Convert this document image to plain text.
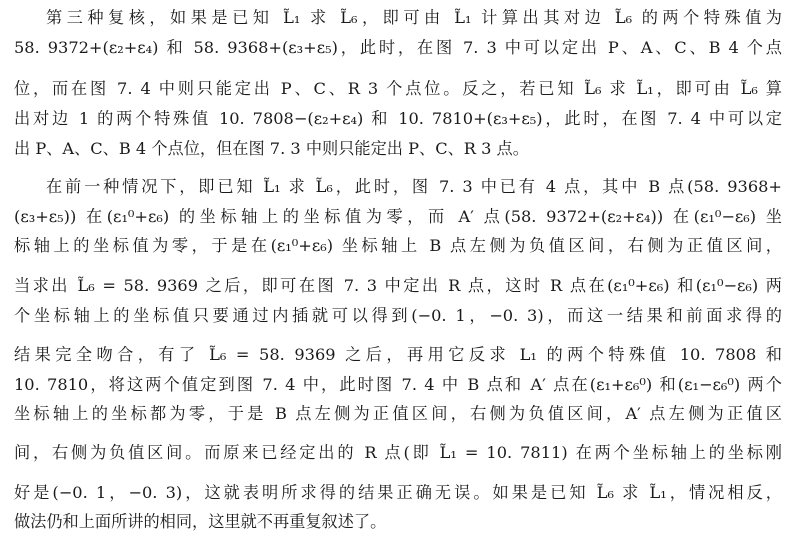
第三种复核，如果是已知 L̃₁ 求 L̃₆，即可由 L̃₁ 计算出其对边 L̃₆ 的两个特殊值为
58. 9372+(ε₂+ε₄) 和 58. 9368+(ε₃+ε₅)，此时，在图 7. 3 中可以定出 P、A、C、B 4 个点
位，而在图 7. 4 中则只能定出 P、C、R 3 个点位。反之，若已知 L̃₆ 求 L̃₁，即可由 L̃₆ 算
出对边 1 的两个特殊值 10. 7808−(ε₂+ε₄) 和 10. 7810+(ε₃+ε₅)，此时，在图 7. 4 中可以定
出 P、A、C、B 4 个点位，但在图 7. 3 中则只能定出 P、C、R 3 点。
在前一种情况下，即已知 L̃₁ 求 L̃₆，此时，图 7. 3 中已有 4 点，其中 B 点(58. 9368+
(ε₃+ε₅)) 在(ε₁⁰+ε₆) 的坐标轴上的坐标值为零，而 A′ 点(58. 9372+(ε₂+ε₄)) 在(ε₁⁰−ε₆) 坐
标轴上的坐标值为零，于是在(ε₁⁰+ε₆) 坐标轴上 B 点左侧为负值区间，右侧为正值区间，
当求出 L̃₆ = 58. 9369 之后，即可在图 7. 3 中定出 R 点，这时 R 点在(ε₁⁰+ε₆) 和(ε₁⁰−ε₆) 两
个坐标轴上的坐标值只要通过内插就可以得到(−0. 1，−0. 3)，而这一结果和前面求得的
结果完全吻合，有了 L̃₆ = 58. 9369 之后，再用它反求 L₁ 的两个特殊值 10. 7808 和
10. 7810，将这两个值定到图 7. 4 中，此时图 7. 4 中 B 点和 A′ 点在(ε₁+ε₆⁰) 和(ε₁−ε₆⁰) 两个
坐标轴上的坐标都为零，于是 B 点左侧为正值区间，右侧为负值区间，A′ 点左侧为正值区
间，右侧为负值区间。而原来已经定出的 R 点(即 L̃₁ = 10. 7811) 在两个坐标轴上的坐标刚
好是(−0. 1，−0. 3)，这就表明所求得的结果正确无误。如果是已知 L̃₆ 求 L̃₁，情况相反，
做法仍和上面所讲的相同，这里就不再重复叙述了。
